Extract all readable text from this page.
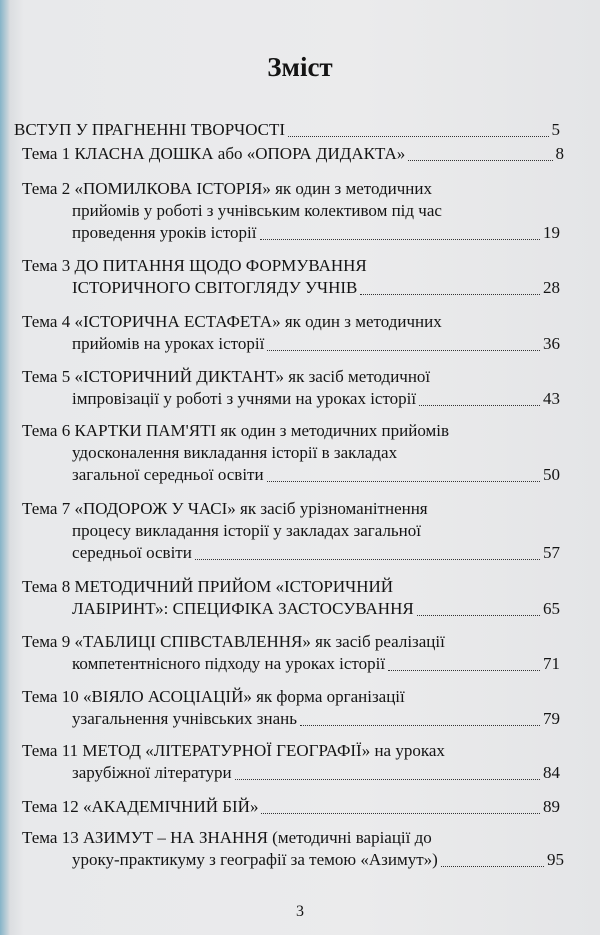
Зміст
ВСТУП У ПРАГНЕННІ ТВОРЧОСТІ	5
Тема 1 КЛАСНА ДОШКА або «ОПОРА ДИДАКТА»	8
Тема 2 «ПОМИЛКОВА ІСТОРІЯ» як один з методичних
прийомів у роботі з учнівським колективом під час
проведення уроків історії	19
Тема 3 ДО ПИТАННЯ ЩОДО ФОРМУВАННЯ
ІСТОРИЧНОГО СВІТОГЛЯДУ УЧНІВ	28
Тема 4 «ІСТОРИЧНА ЕСТАФЕТА» як один з методичних
прийомів на уроках історії	36
Тема 5 «ІСТОРИЧНИЙ ДИКТАНТ» як засіб методичної
імпровізації у роботі з учнями на уроках історії	43
Тема 6 КАРТКИ ПАМ'ЯТІ як один з методичних прийомів
удосконалення викладання історії в закладах
загальної середньої освіти	50
Тема 7 «ПОДОРОЖ У ЧАСІ» як засіб урізноманітнення
процесу викладання історії у закладах загальної
середньої освіти	57
Тема 8 МЕТОДИЧНИЙ ПРИЙОМ «ІСТОРИЧНИЙ
ЛАБІРИНТ»: СПЕЦИФІКА ЗАСТОСУВАННЯ	65
Тема 9 «ТАБЛИЦІ СПІВСТАВЛЕННЯ» як засіб реалізації
компетентнісного підходу на уроках історії	71
Тема 10 «ВІЯЛО АСОЦІАЦІЙ» як форма організації
узагальнення учнівських знань	79
Тема 11 МЕТОД «ЛІТЕРАТУРНОЇ ГЕОГРАФІЇ» на уроках
зарубіжної літератури	84
Тема 12 «АКАДЕМІЧНИЙ БІЙ»	89
Тема 13 АЗИМУТ – НА ЗНАННЯ (методичні варіації до
уроку-практикуму з географії за темою «Азимут»)	95
3
